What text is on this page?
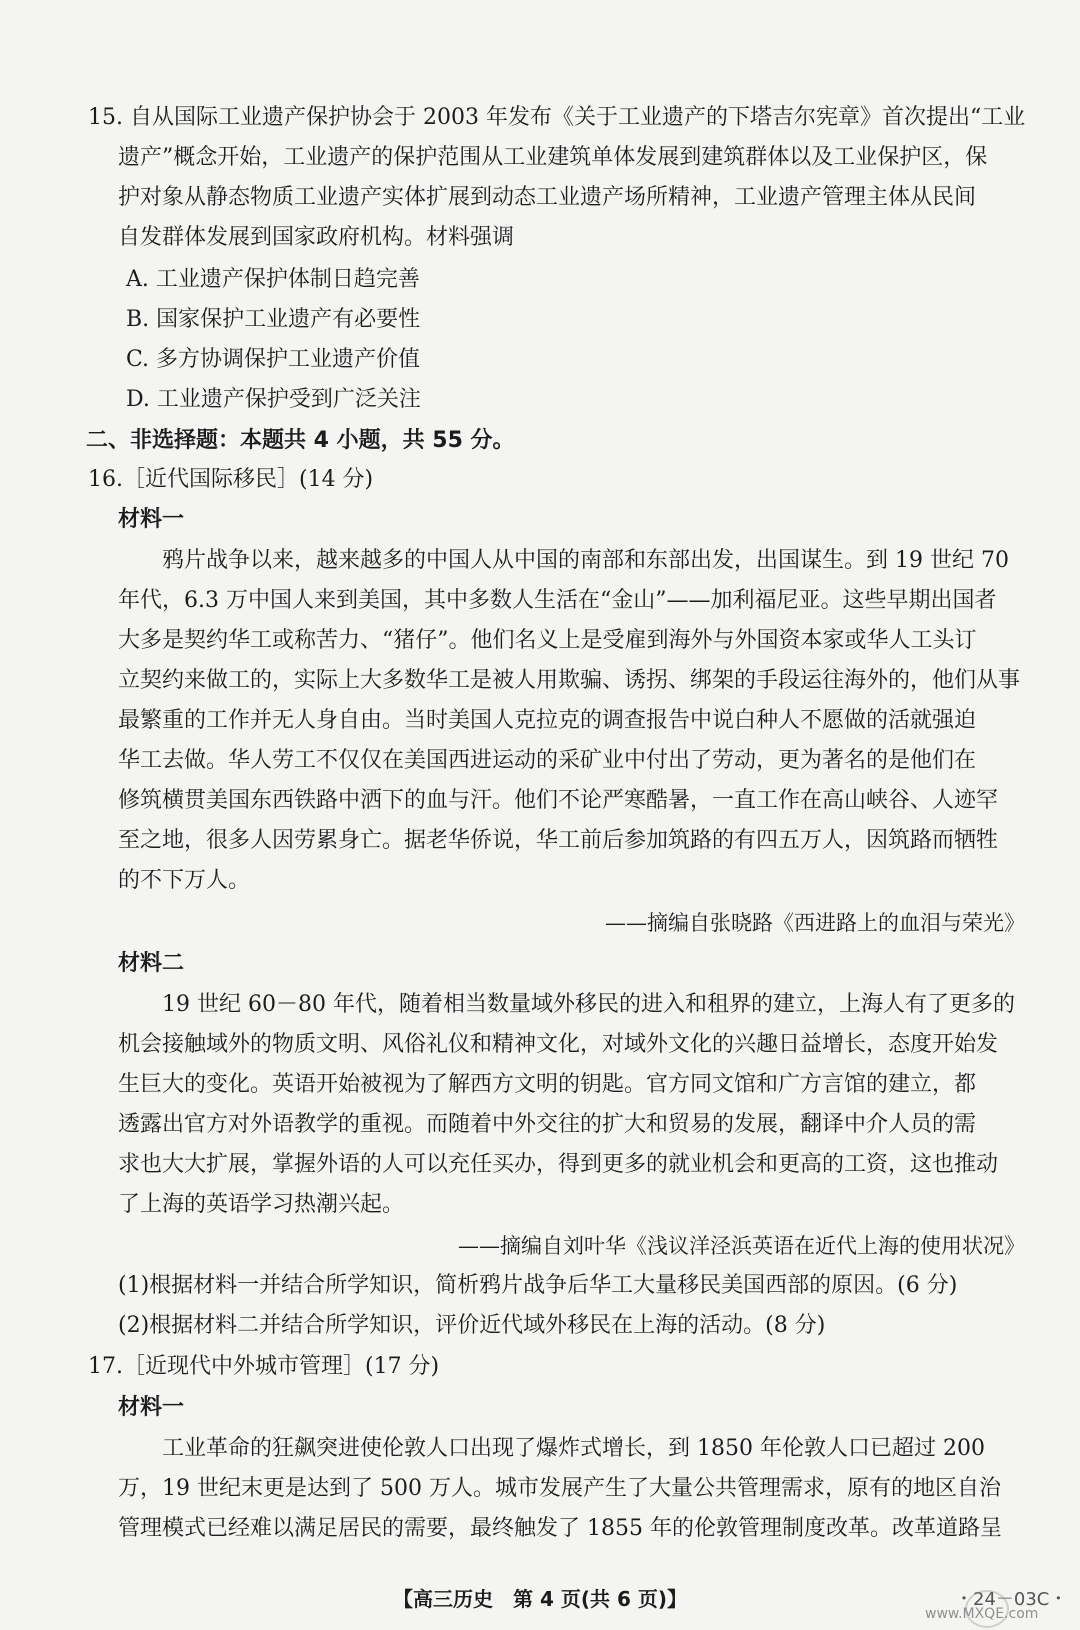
15. 自从国际工业遗产保护协会于 2003 年发布《关于工业遗产的下塔吉尔宪章》首次提出“工业
遗产”概念开始，工业遗产的保护范围从工业建筑单体发展到建筑群体以及工业保护区，保
护对象从静态物质工业遗产实体扩展到动态工业遗产场所精神，工业遗产管理主体从民间
自发群体发展到国家政府机构。材料强调
A. 工业遗产保护体制日趋完善
B. 国家保护工业遗产有必要性
C. 多方协调保护工业遗产价值
D. 工业遗产保护受到广泛关注
二、非选择题：本题共 4 小题，共 55 分。
16.［近代国际移民］(14 分)
材料一
鸦片战争以来，越来越多的中国人从中国的南部和东部出发，出国谋生。到 19 世纪 70
年代，6.3 万中国人来到美国，其中多数人生活在“金山”——加利福尼亚。这些早期出国者
大多是契约华工或称苦力、“猪仔”。他们名义上是受雇到海外与外国资本家或华人工头订
立契约来做工的，实际上大多数华工是被人用欺骗、诱拐、绑架的手段运往海外的，他们从事
最繁重的工作并无人身自由。当时美国人克拉克的调查报告中说白种人不愿做的活就强迫
华工去做。华人劳工不仅仅在美国西进运动的采矿业中付出了劳动，更为著名的是他们在
修筑横贯美国东西铁路中洒下的血与汗。他们不论严寒酷暑，一直工作在高山峡谷、人迹罕
至之地，很多人因劳累身亡。据老华侨说，华工前后参加筑路的有四五万人，因筑路而牺牲
的不下万人。
——摘编自张晓路《西进路上的血泪与荣光》
材料二
19 世纪 60－80 年代，随着相当数量域外移民的进入和租界的建立，上海人有了更多的
机会接触域外的物质文明、风俗礼仪和精神文化，对域外文化的兴趣日益增长，态度开始发
生巨大的变化。英语开始被视为了解西方文明的钥匙。官方同文馆和广方言馆的建立，都
透露出官方对外语教学的重视。而随着中外交往的扩大和贸易的发展，翻译中介人员的需
求也大大扩展，掌握外语的人可以充任买办，得到更多的就业机会和更高的工资，这也推动
了上海的英语学习热潮兴起。
——摘编自刘叶华《浅议洋泾浜英语在近代上海的使用状况》
(1)根据材料一并结合所学知识，简析鸦片战争后华工大量移民美国西部的原因。(6 分)
(2)根据材料二并结合所学知识，评价近代域外移民在上海的活动。(8 分)
17.［近现代中外城市管理］(17 分)
材料一
工业革命的狂飙突进使伦敦人口出现了爆炸式增长，到 1850 年伦敦人口已超过 200
万，19 世纪末更是达到了 500 万人。城市发展产生了大量公共管理需求，原有的地区自治
管理模式已经难以满足居民的需要，最终触发了 1855 年的伦敦管理制度改革。改革道路呈
【高三历史　第 4 页(共 6 页)】	・24－03C・
www.MXQE.com
